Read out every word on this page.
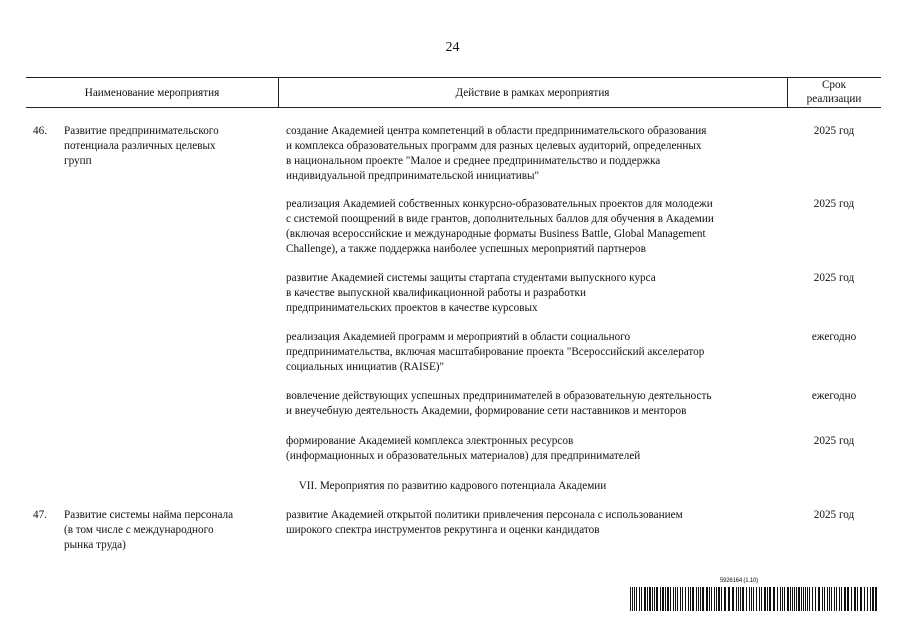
24
Наименование мероприятия	Действие в рамках мероприятия
Срок
реализации
46. Развитие предпринимательского
потенциала различных целевых
групп
создание Академией центра компетенций в области предпринимательского образования
и комплекса образовательных программ для разных целевых аудиторий, определенных
в национальном проекте "Малое и среднее предпринимательство и поддержка
индивидуальной предпринимательской инициативы"
2025 год
реализация Академией собственных конкурсно-образовательных проектов для молодежи
с системой поощрений в виде грантов, дополнительных баллов для обучения в Академии
(включая всероссийские и международные форматы Business Battle, Global Management
Challenge), а также поддержка наиболее успешных мероприятий партнеров
2025 год
развитие Академией системы защиты стартапа студентами выпускного курса
в качестве выпускной квалификационной работы и разработки
предпринимательских проектов в качестве курсовых
2025 год
реализация Академией программ и мероприятий в области социального
предпринимательства, включая масштабирование проекта "Всероссийский акселератор
социальных инициатив (RAISE)"
ежегодно
вовлечение действующих успешных предпринимателей в образовательную деятельность
и внеучебную деятельность Академии, формирование сети наставников и менторов
ежегодно
формирование Академией комплекса электронных ресурсов
(информационных и образовательных материалов) для предпринимателей
2025 год
VII. Мероприятия по развитию кадрового потенциала Академии
47. Развитие системы найма персонала
(в том числе с международного
рынка труда)
развитие Академией открытой политики привлечения персонала с использованием
широкого спектра инструментов рекрутинга и оценки кандидатов
2025 год
5926164 (1.10)
